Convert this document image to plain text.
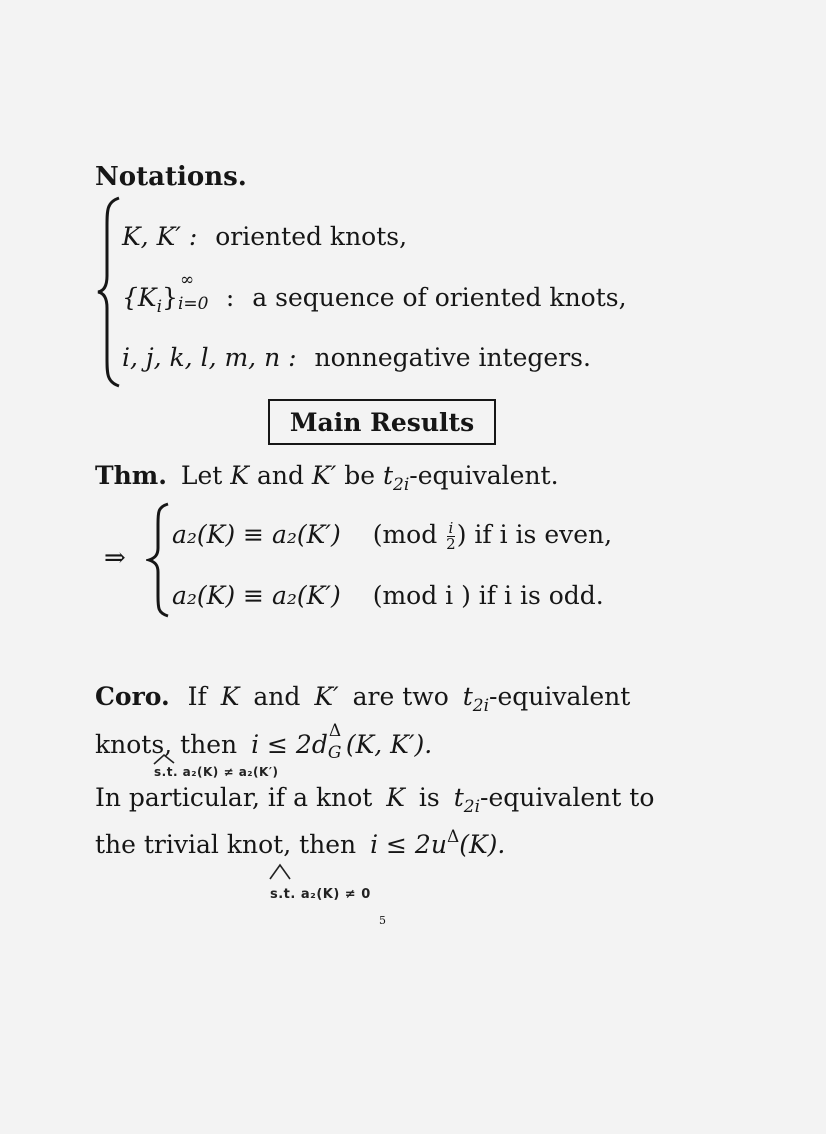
Notations.
K, K′ : oriented knots,
$\{K_i\}$
∞
i=0 : a sequence of oriented knots,
i, j, k, l, m, n : nonnegative integers.
Main Results
Thm. Let K and K′ be $t_{2i}$-equivalent.
⇒
a₂(K) ≡ a₂(K′) ($mod \frac{i}{2}$ ) if i is even,
a₂(K) ≡ a₂(K′) (mod i ) if i is odd.
Coro. If K and K′ are two $t_{2i}$-equivalent
knots, then i ≤ 2d Δ
G (K, K′).
s.t. a₂(K) ≠ a₂(K′)
In particular, if a knot K is $t_{2i}$-equivalent to
the trivial knot, then $i \le 2u^\Delta(K)$.
s.t. a₂(K) ≠ 0
5
